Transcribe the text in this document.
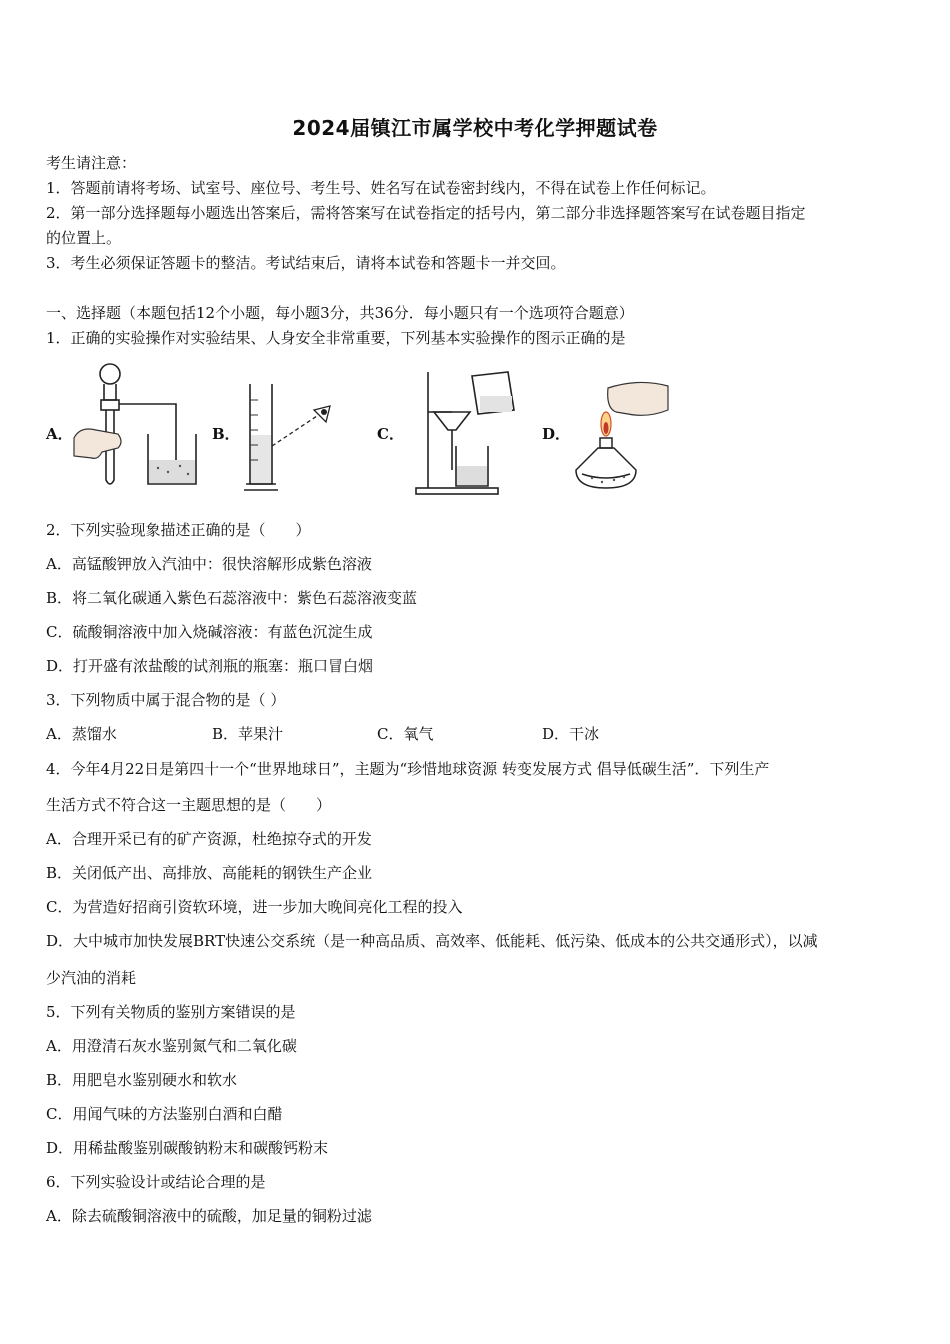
2024届镇江市属学校中考化学押题试卷
考生请注意：
1．答题前请将考场、试室号、座位号、考生号、姓名写在试卷密封线内，不得在试卷上作任何标记。
2．第一部分选择题每小题选出答案后，需将答案写在试卷指定的括号内，第二部分非选择题答案写在试卷题目指定
的位置上。
3．考生必须保证答题卡的整洁。考试结束后，请将本试卷和答题卡一并交回。
一、选择题（本题包括12个小题，每小题3分，共36分．每小题只有一个选项符合题意）
1．正确的实验操作对实验结果、人身安全非常重要，下列基本实验操作的图示正确的是
A．	B．	C．	D．
2．下列实验现象描述正确的是（　　）
A．高锰酸钾放入汽油中：很快溶解形成紫色溶液
B．将二氧化碳通入紫色石蕊溶液中：紫色石蕊溶液变蓝
C．硫酸铜溶液中加入烧碱溶液：有蓝色沉淀生成
D．打开盛有浓盐酸的试剂瓶的瓶塞：瓶口冒白烟
3．下列物质中属于混合物的是（ ）
A．蒸馏水	B．苹果汁	C．氧气	D．干冰
4．今年4月22日是第四十一个“世界地球日”，主题为“珍惜地球资源 转变发展方式 倡导低碳生活”．下列生产
生活方式不符合这一主题思想的是（　　）
A．合理开采已有的矿产资源，杜绝掠夺式的开发
B．关闭低产出、高排放、高能耗的钢铁生产企业
C．为营造好招商引资软环境，进一步加大晚间亮化工程的投入
D．大中城市加快发展BRT快速公交系统（是一种高品质、高效率、低能耗、低污染、低成本的公共交通形式），以减
少汽油的消耗
5．下列有关物质的鉴别方案错误的是
A．用澄清石灰水鉴别氮气和二氧化碳
B．用肥皂水鉴别硬水和软水
C．用闻气味的方法鉴别白酒和白醋
D．用稀盐酸鉴别碳酸钠粉末和碳酸钙粉末
6．下列实验设计或结论合理的是
A．除去硫酸铜溶液中的硫酸，加足量的铜粉过滤
